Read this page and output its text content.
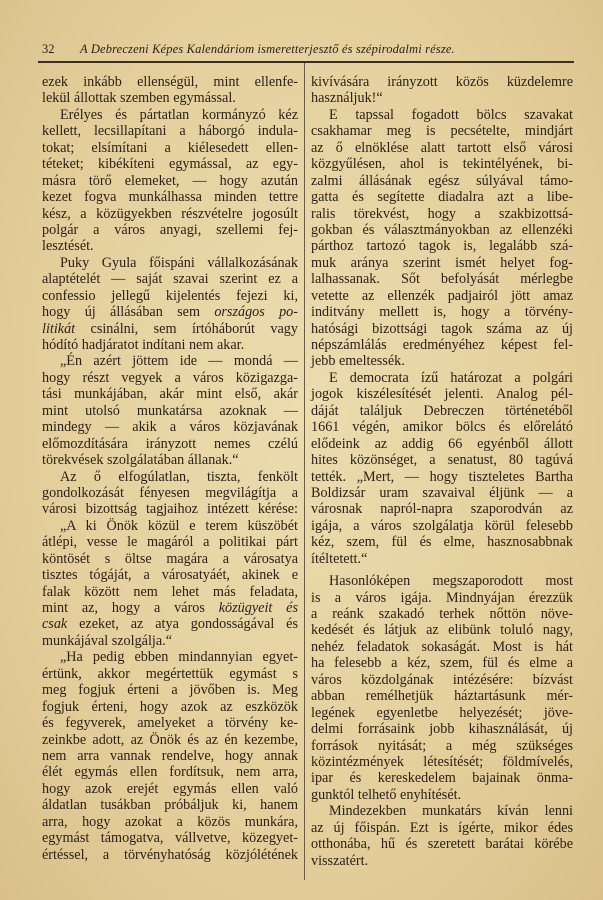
32 A Debreczeni Képes Kalendáriom ismeretterjesztő és szépirodalmi része.
ezek inkább ellenségül, mint ellenfe-
lekül állottak szemben egymással.
Erélyes és pártatlan kormányzó kéz
kellett, lecsillapítani a háborgó indula-
tokat; elsímítani a kiélesedett ellen-
téteket; kibékíteni egymással, az egy-
másra törő elemeket, — hogy azután
kezet fogva munkálhassa minden tettre
kész, a közügyekben részvételre jogosúlt
polgár a város anyagi, szellemi fej-
lesztését.
Puky Gyula főispáni vállalkozásának
alaptételét — saját szavai szerint ez a
confessio jellegű kijelentés fejezi ki,
hogy új állásában sem országos po-
litikát csinálni, sem írtóháborút vagy
hódító hadjáratot indítani nem akar.
„Én azért jöttem ide — mondá —
hogy részt vegyek a város közigazga-
tási munkájában, akár mint első, akár
mint utolsó munkatársa azoknak —
mindegy — akik a város közjavának
előmozdítására irányzott nemes czélú
törekvések szolgálatában állanak.“
Az ő elfogúlatlan, tiszta, fenkölt
gondolkozását fényesen megvilágítja a
városi bizottság tagjaihoz intézett kérése:
„A ki Önök közül e terem küszöbét
átlépi, vesse le magáról a politikai párt
köntösét s öltse magára a városatya
tisztes tógáját, a városatyáét, akinek e
falak között nem lehet más feladata,
mint az, hogy a város közügyeit és
csak ezeket, az atya gondosságával és
munkájával szolgálja.“
„Ha pedig ebben mindannyian egyet-
értünk, akkor megértettük egymást s
meg fogjuk érteni a jövőben is. Meg
fogjuk érteni, hogy azok az eszközök
és fegyverek, amelyeket a törvény ke-
zeinkbe adott, az Önök és az én kezembe,
nem arra vannak rendelve, hogy annak
élét egymás ellen fordítsuk, nem arra,
hogy azok erejét egymás ellen való
áldatlan tusákban próbáljuk ki, hanem
arra, hogy azokat a közös munkára,
egymást támogatva, vállvetve, közegyet-
értéssel, a törvényhatóság közjólétének
kivívására irányzott közös küzdelemre
használjuk!“
E tapssal fogadott bölcs szavakat
csakhamar meg is pecsételte, mindjárt
az ő elnöklése alatt tartott első városi
közgyűlésen, ahol is tekintélyének, bi-
zalmi állásának egész súlyával támo-
gatta és segítette diadalra azt a libe-
ralis törekvést, hogy a szakbizottsá-
gokban és választmányokban az ellenzéki
párthoz tartozó tagok is, legalább szá-
muk aránya szerint ismét helyet fog-
lalhassanak. Sőt befolyását mérlegbe
vetette az ellenzék padjairól jött amaz
inditvány mellett is, hogy a törvény-
hatósági bizottsági tagok száma az új
népszámlálás eredményéhez képest fel-
jebb emeltessék.
E democrata ízű határozat a polgári
jogok kiszélesítését jelenti. Analog pél-
dáját találjuk Debreczen történetéből
1661 végén, amikor bölcs és előrelátó
elődeink az addig 66 egyénből állott
hites közönséget, a senatust, 80 tagúvá
tették. „Mert, — hogy tiszteletes Bartha
Boldizsár uram szavaival éljünk — a
városnak napról-napra szaporodván az
igája, a város szolgálatja körül felesebb
kéz, szem, fül és elme, hasznosabbnak
ítéltetett.“
Hasonlóképen megszaporodott most
is a város igája. Mindnyájan érezzük
a reánk szakadó terhek nőttön növe-
kedését és látjuk az elibünk toluló nagy,
nehéz feladatok sokaságát. Most is hát
ha felesebb a kéz, szem, fül és elme a
város közdolgának intézésére: bízvást
abban remélhetjük háztartásunk mér-
legének egyenletbe helyezését; jöve-
delmi forrásaink jobb kihasználását, új
források nyitását; a még szükséges
közintézmények létesítését; földmívelés,
ipar és kereskedelem bajainak önma-
gunktól telhető enyhítését.
Mindezekben munkatárs kíván lenni
az új főispán. Ezt is ígérte, mikor édes
otthonába, hű és szeretett barátai körébe
visszatért.
